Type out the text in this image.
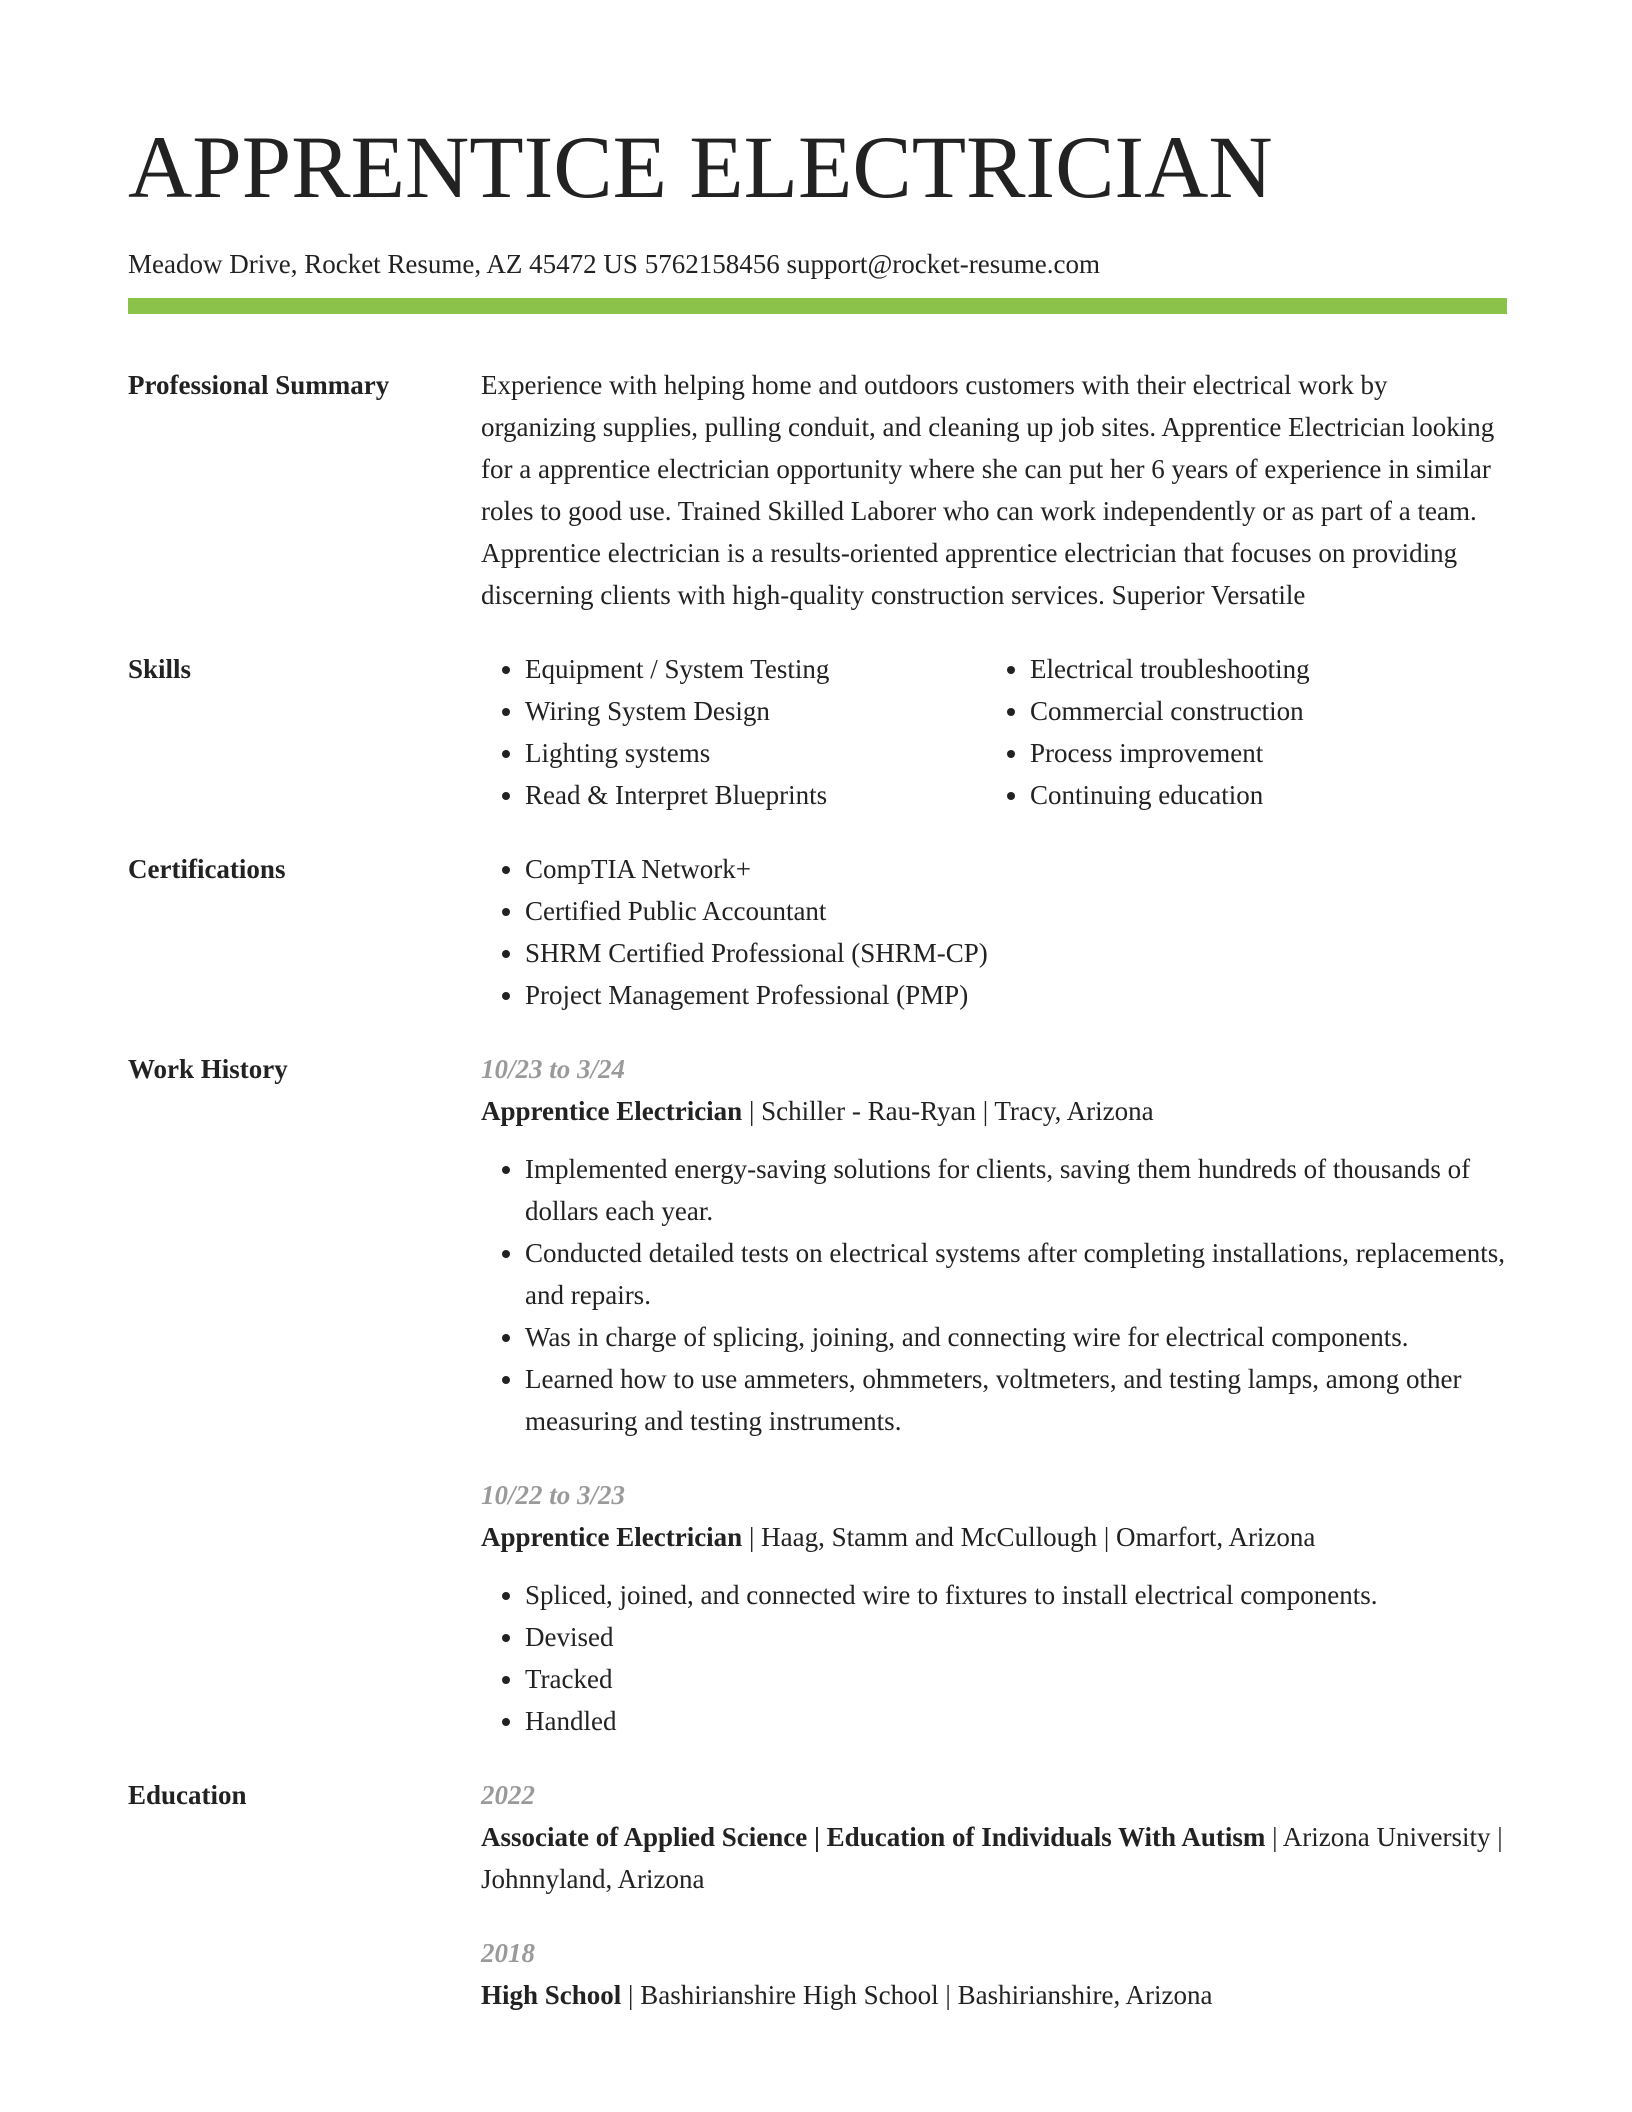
APPRENTICE ELECTRICIAN
Meadow Drive, Rocket Resume, AZ 45472 US 5762158456 support@rocket-resume.com
Professional Summary	Experience with helping home and outdoors customers with their electrical work by organizing supplies, pulling conduit, and cleaning up job sites. Apprentice Electrician looking for a apprentice electrician opportunity where she can put her 6 years of experience in similar roles to good use. Trained Skilled Laborer who can work independently or as part of a team. Apprentice electrician is a results-oriented apprentice electrician that focuses on providing discerning clients with high-quality construction services. Superior Versatile
Skills	• Equipment / System Testing
• Wiring System Design
• Lighting systems
• Read & Interpret Blueprints
• Electrical troubleshooting
• Commercial construction
• Process improvement
• Continuing education
Certifications	• CompTIA Network+
• Certified Public Accountant
• SHRM Certified Professional (SHRM-CP)
• Project Management Professional (PMP)
Work History	10/23 to 3/24
Apprentice Electrician | Schiller - Rau-Ryan | Tracy, Arizona
• Implemented energy-saving solutions for clients, saving them hundreds of thousands of dollars each year.
• Conducted detailed tests on electrical systems after completing installations, replacements, and repairs.
• Was in charge of splicing, joining, and connecting wire for electrical components.
• Learned how to use ammeters, ohmmeters, voltmeters, and testing lamps, among other measuring and testing instruments.
10/22 to 3/23
Apprentice Electrician | Haag, Stamm and McCullough | Omarfort, Arizona
• Spliced, joined, and connected wire to fixtures to install electrical components.
• Devised
• Tracked
• Handled
Education	2022
Associate of Applied Science | Education of Individuals With Autism | Arizona University | Johnnyland, Arizona
2018
High School | Bashirianshire High School | Bashirianshire, Arizona
